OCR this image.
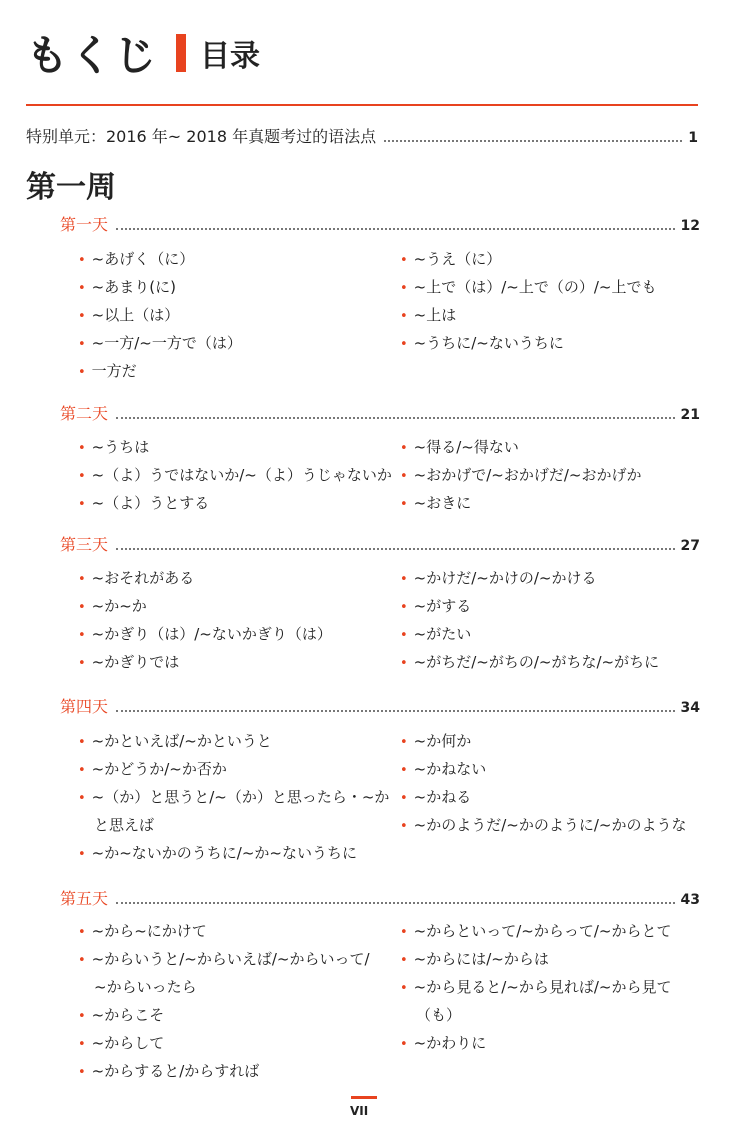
もくじ 目录
特别单元：2016 年~ 2018 年真题考过的语法点	1
第一周
第一天	12
• ~あげく（に）
• ~あまり(に)
• ~以上（は）
• ~一方/~一方で（は）
• 一方だ
• ~うえ（に）
• ~上で（は）/~上で（の）/~上でも
• ~上は
• ~うちに/~ないうちに
第二天	21
• ~うちは
• ~（よ）うではないか/~（よ）うじゃないか
• ~（よ）うとする
• ~得る/~得ない
• ~おかげで/~おかげだ/~おかげか
• ~おきに
第三天	27
• ~おそれがある
• ~か~か
• ~かぎり（は）/~ないかぎり（は）
• ~かぎりでは
• ~かけだ/~かけの/~かける
• ~がする
• ~がたい
• ~がちだ/~がちの/~がちな/~がちに
第四天	34
• ~かといえば/~かというと
• ~かどうか/~か否か
• ~（か）と思うと/~（か）と思ったら・~か
と思えば
• ~か~ないかのうちに/~か~ないうちに
• ~か何か
• ~かねない
• ~かねる
• ~かのようだ/~かのように/~かのような
第五天	43
• ~から~にかけて
• ~からいうと/~からいえば/~からいって/
~からいったら
• ~からこそ
• ~からして
• ~からすると/からすれば
• ~からといって/~からって/~からとて
• ~からには/~からは
• ~から見ると/~から見れば/~から見て
（も）
• ~かわりに
VII
